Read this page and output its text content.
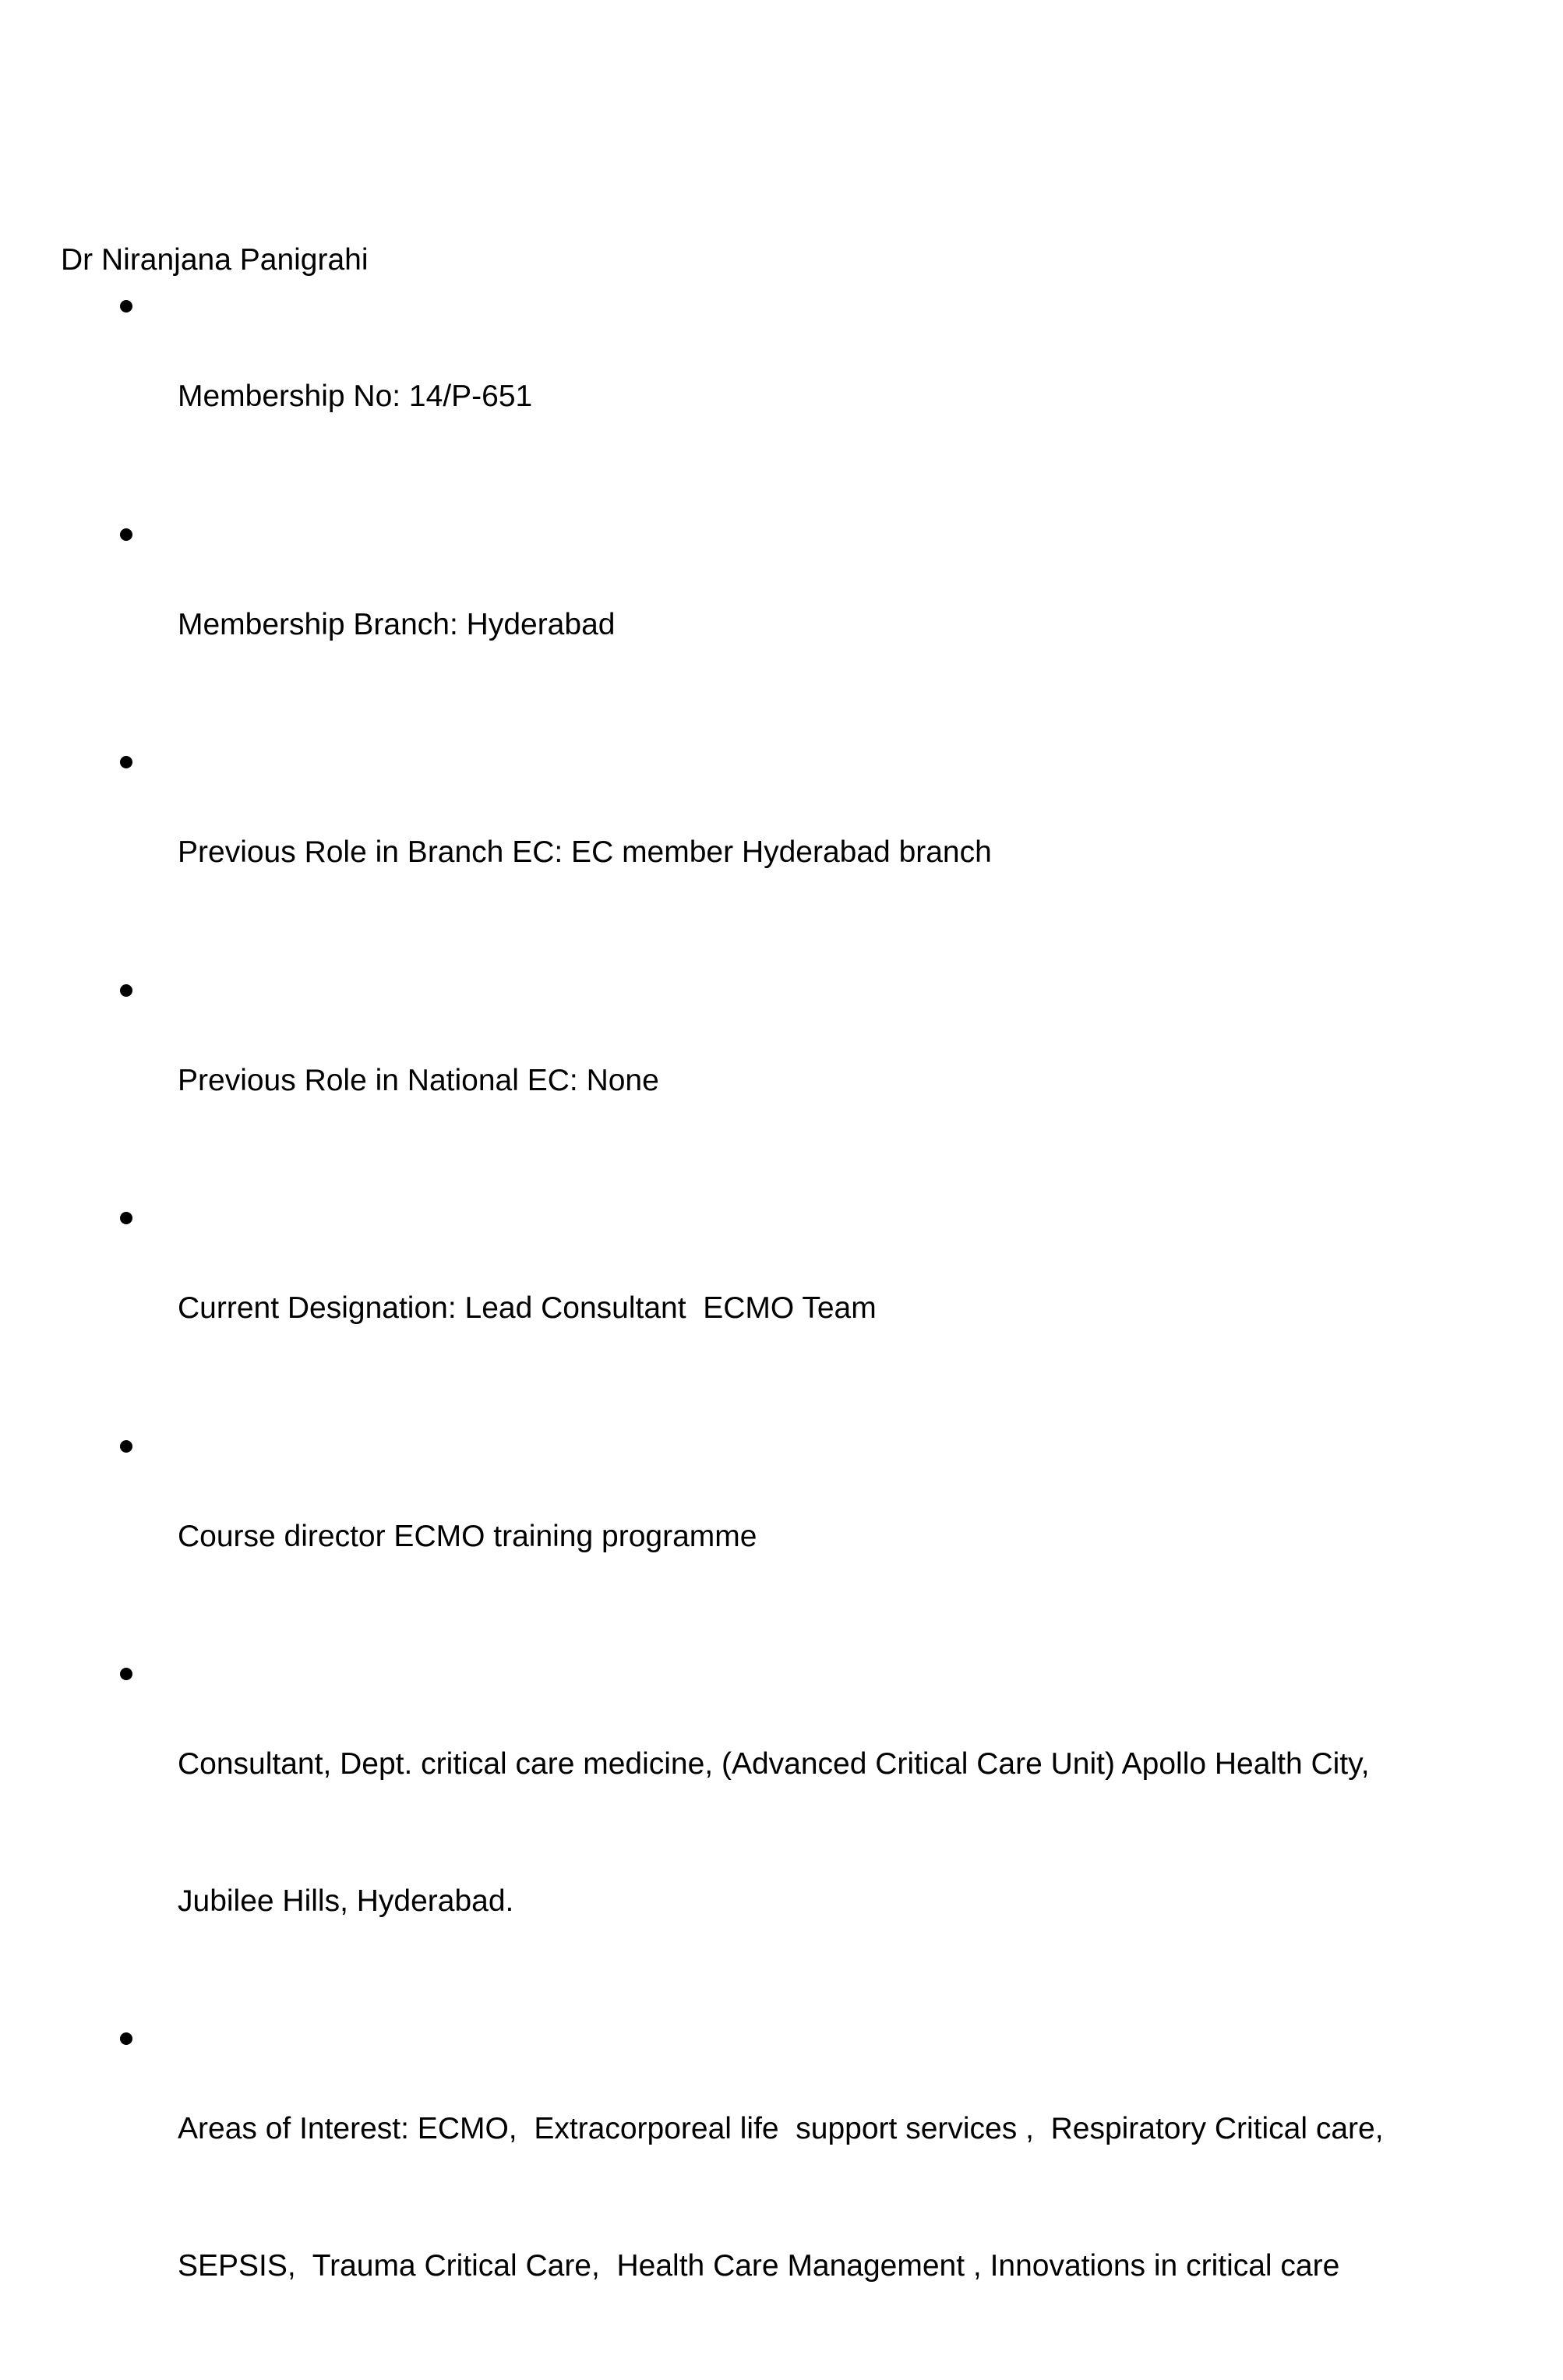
Dr Niranjana Panigrahi

Membership No: 14/P-651

Membership Branch: Hyderabad

Previous Role in Branch EC: EC member Hyderabad branch

Previous Role in National EC: None

Current Designation: Lead Consultant  ECMO Team

Course director ECMO training programme

Consultant, Dept. critical care medicine, (Advanced Critical Care Unit) Apollo Health City,

Jubilee Hills, Hyderabad.

Areas of Interest: ECMO,  Extracorporeal life  support services ,  Respiratory Critical care,

SEPSIS,  Trauma Critical Care,  Health Care Management , Innovations in critical care
